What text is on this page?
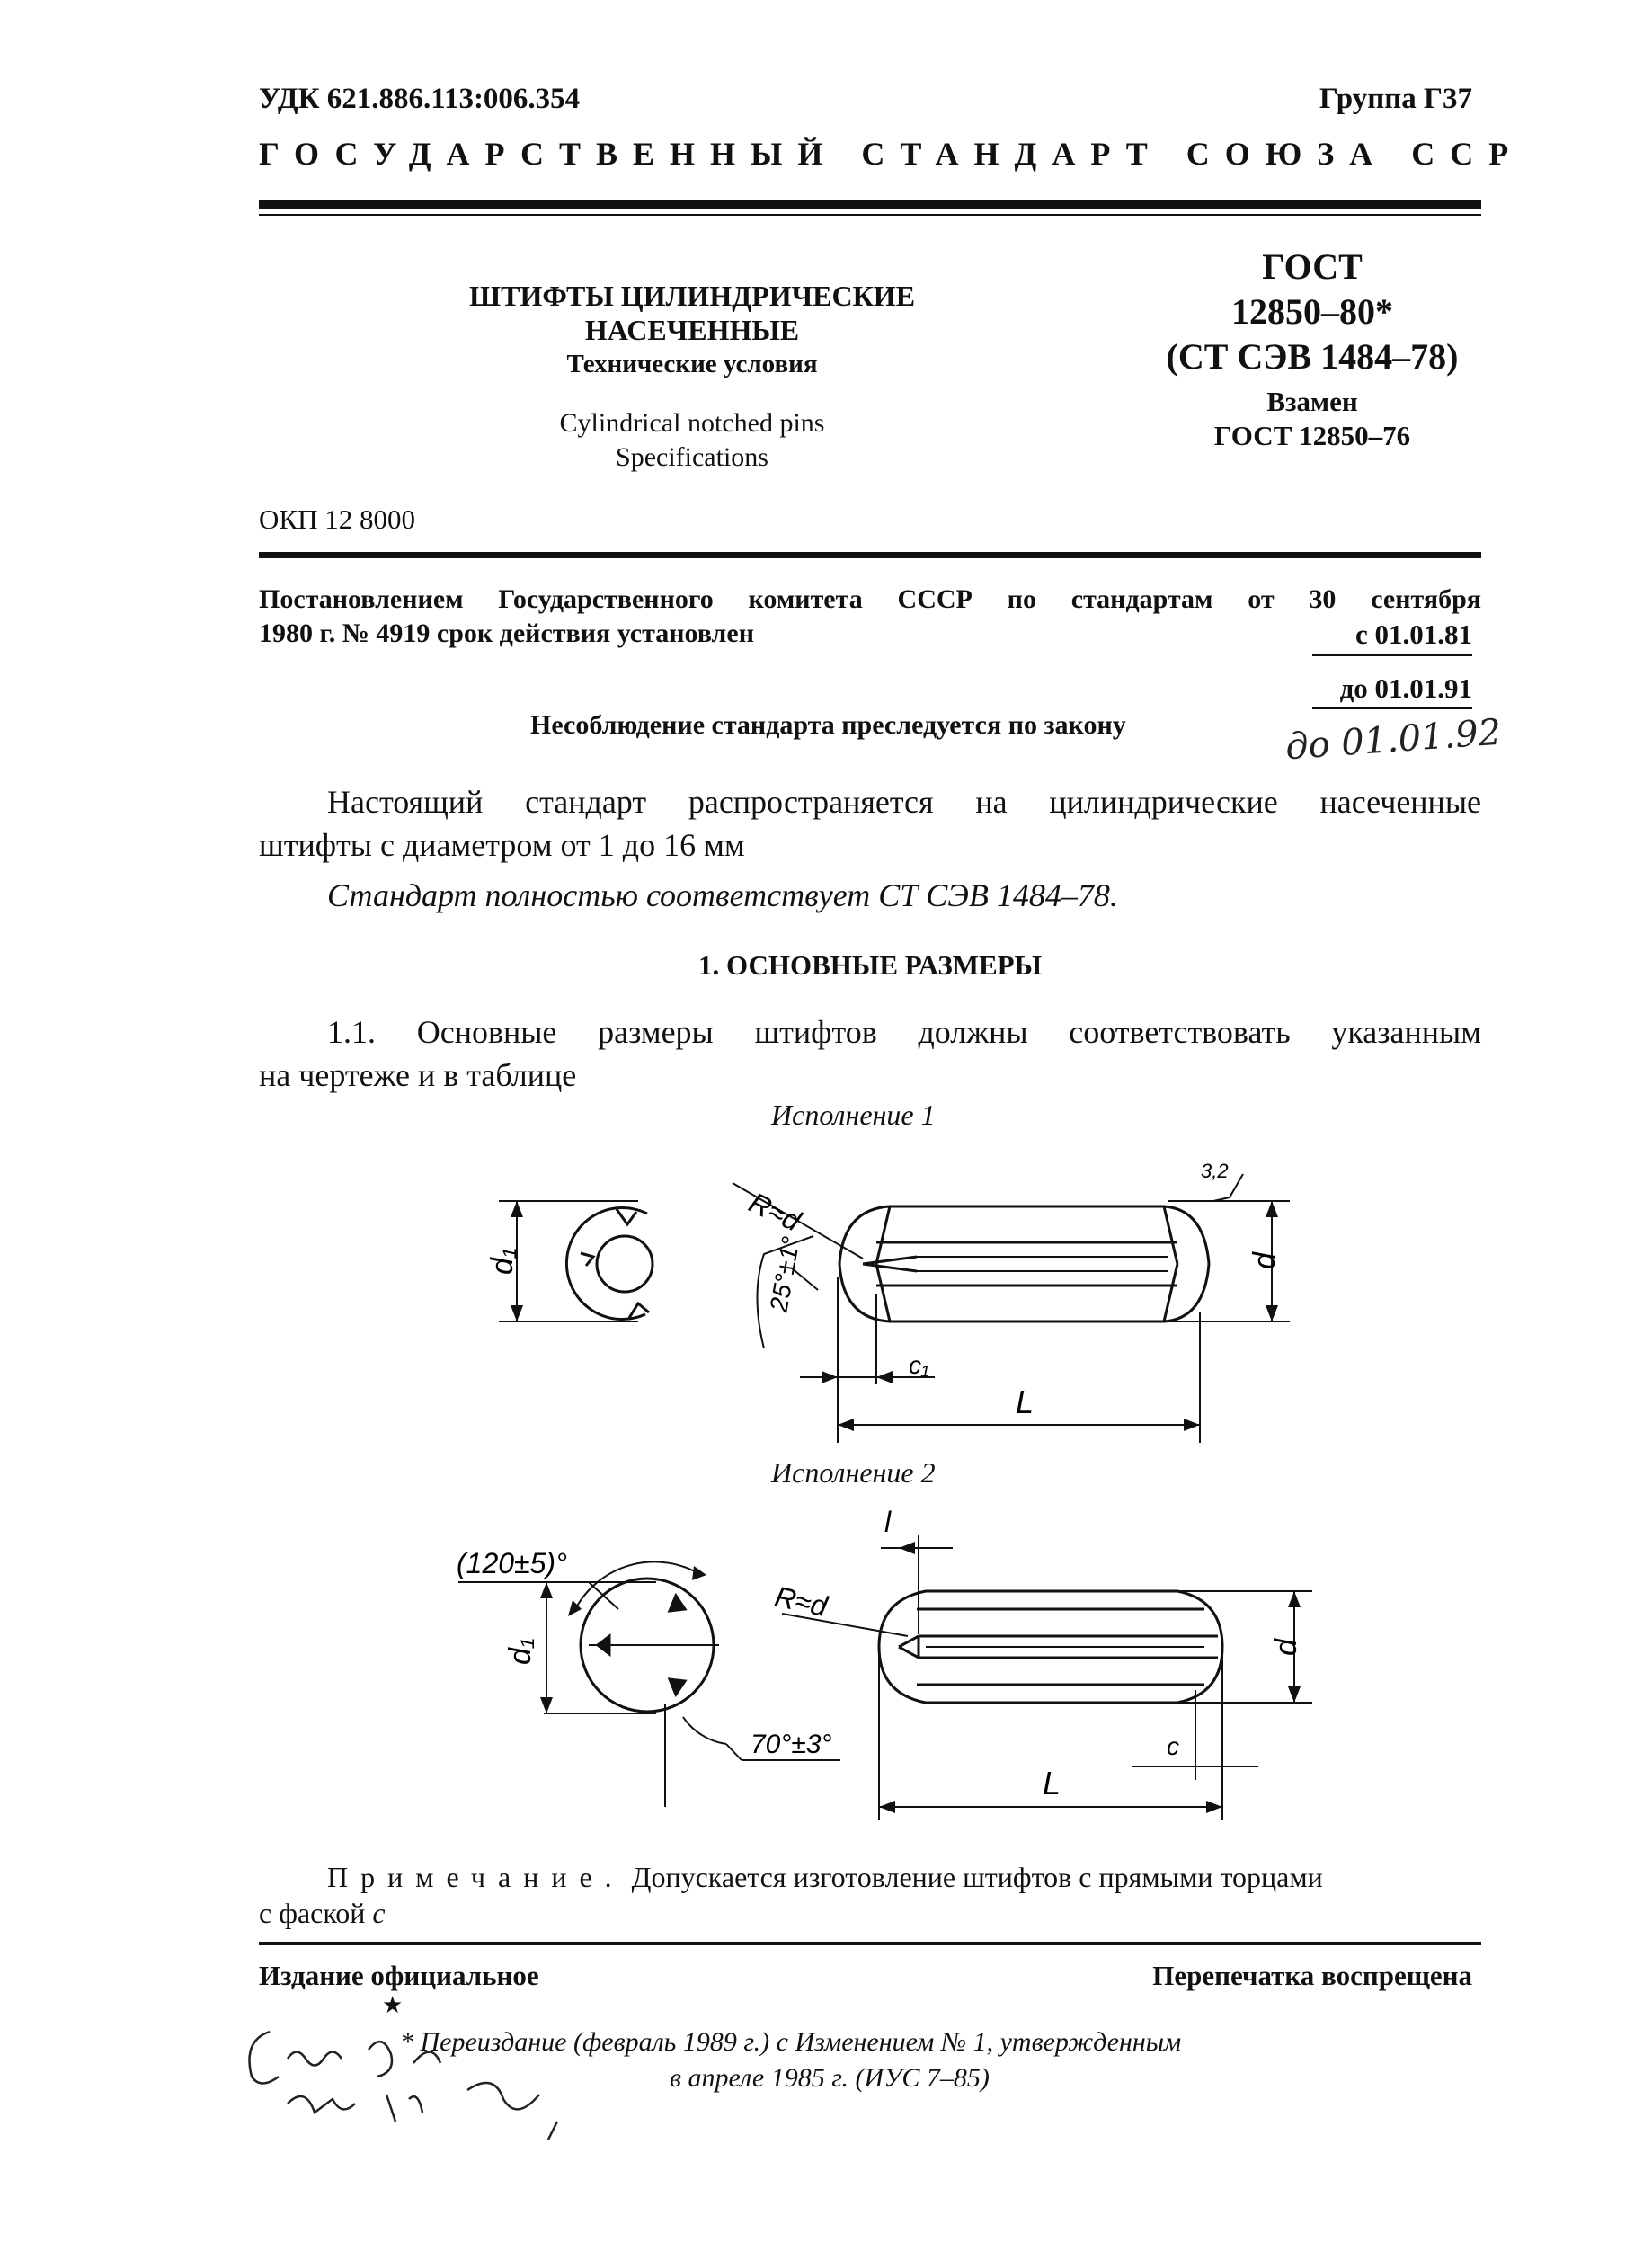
УДК 621.886.113:006.354	Группа Г37
ГОСУДАРСТВЕННЫЙ СТАНДАРТ СОЮЗА ССР
ШТИФТЫ ЦИЛИНДРИЧЕСКИЕ
НАСЕЧЕННЫЕ
Технические условия
Cylindrical notched pins
Specifications
ГОСТ
12850–80*
(СТ СЭВ 1484–78)
Взамен
ГОСТ 12850–76
ОКП 12 8000
Постановлением Государственного комитета СССР по стандартам от 30 сентября
1980 г. № 4919 срок действия установлен	с 01.01.81
до 01.01.91
Несоблюдение стандарта преследуется по закону	до 01.01.92
Настоящий стандарт распространяется на цилиндрические насеченные
штифты с диаметром от 1 до 16 мм
Стандарт полностью соответствует СТ СЭВ 1484–78.
1. ОСНОВНЫЕ РАЗМЕРЫ
1.1. Основные размеры штифтов должны соответствовать указанным
на чертеже и в таблице
Исполнение 1
Исполнение 2
d₁
R≈d
25°±1°
c₁
L
d
3,2
(120±5)°
d₁
70°±3°
l
R≈d
d
c
L
Примечание. Допускается изготовление штифтов с прямыми торцами
с фаской c
Издание официальное	Перепечатка воспрещена
★
* Переиздание (февраль 1989 г.) с Изменением № 1, утвержденным
в апреле 1985 г. (ИУС 7–85)
